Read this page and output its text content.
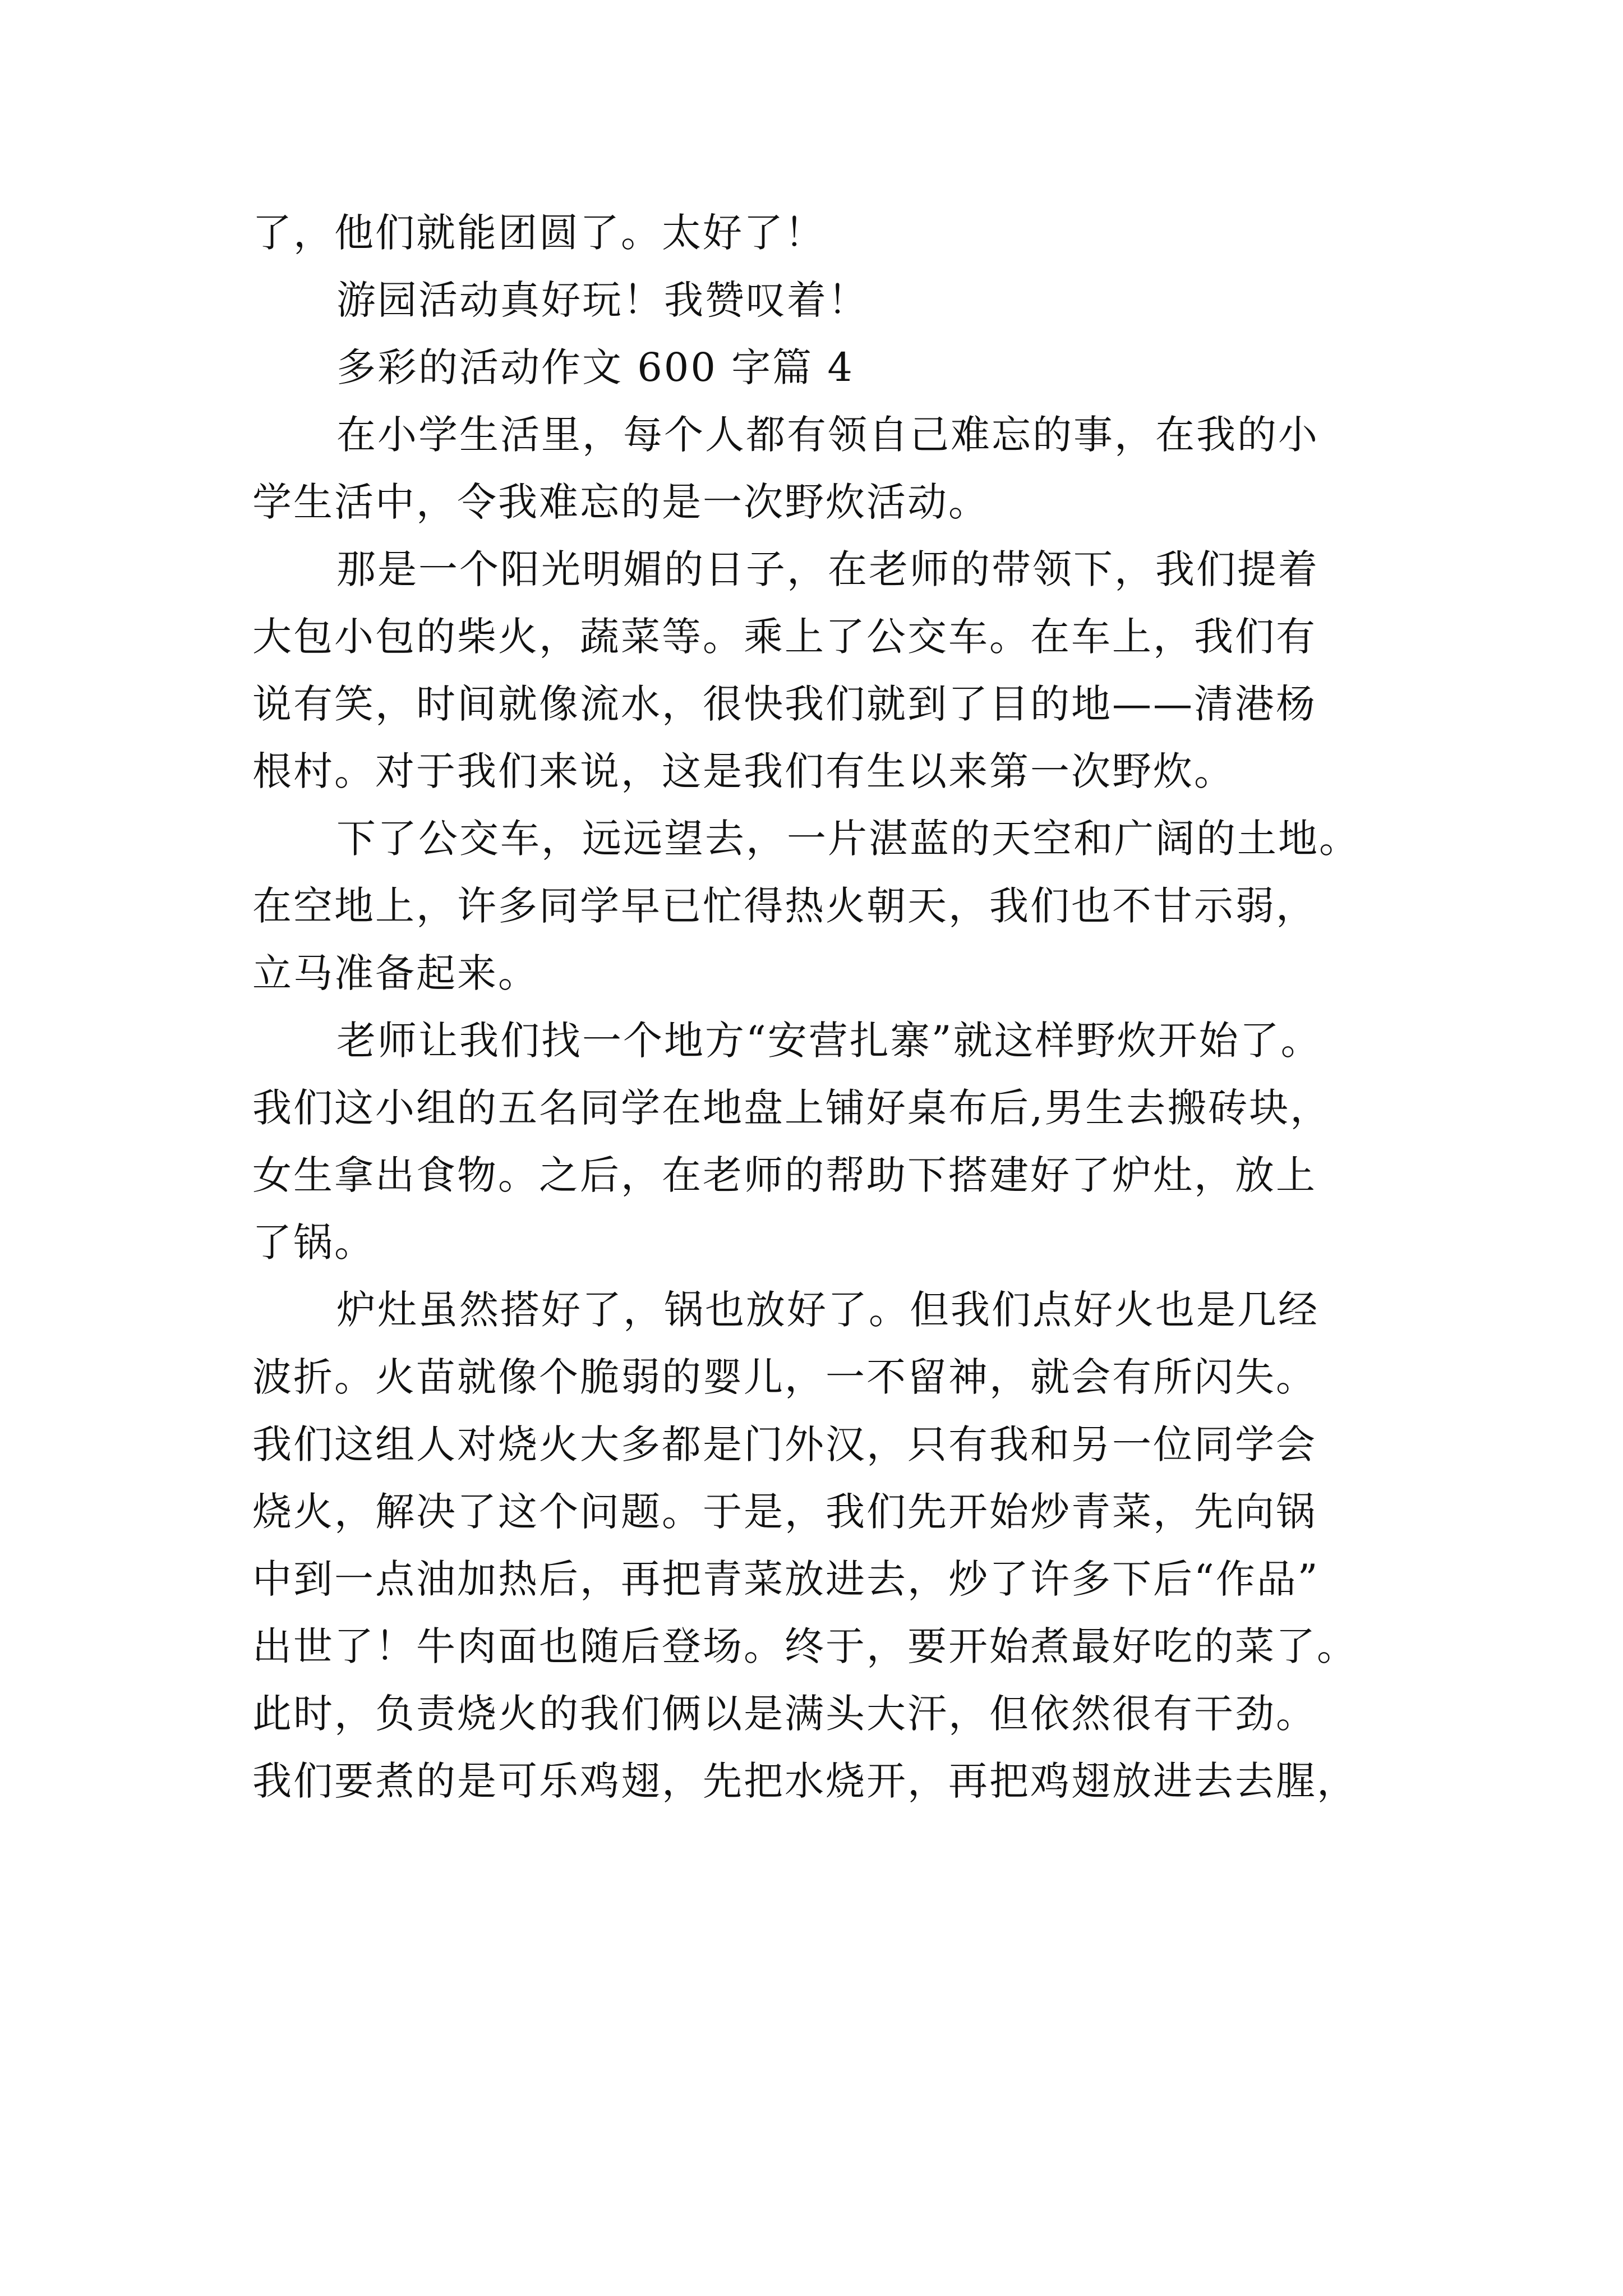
了，他们就能团圆了。太好了！
游园活动真好玩！我赞叹着！
多彩的活动作文 600 字篇 4
在小学生活里，每个人都有领自己难忘的事，在我的小
学生活中，令我难忘的是一次野炊活动。
那是一个阳光明媚的日子，在老师的带领下，我们提着
大包小包的柴火，蔬菜等。乘上了公交车。在车上，我们有
说有笑，时间就像流水，很快我们就到了目的地——清港杨
根村。对于我们来说，这是我们有生以来第一次野炊。
下了公交车，远远望去，一片湛蓝的天空和广阔的土地。
在空地上，许多同学早已忙得热火朝天，我们也不甘示弱，
立马准备起来。
老师让我们找一个地方“安营扎寨”就这样野炊开始了。
我们这小组的五名同学在地盘上铺好桌布后,男生去搬砖块，
女生拿出食物。之后，在老师的帮助下搭建好了炉灶，放上
了锅。
炉灶虽然搭好了，锅也放好了。但我们点好火也是几经
波折。火苗就像个脆弱的婴儿，一不留神，就会有所闪失。
我们这组人对烧火大多都是门外汉，只有我和另一位同学会
烧火，解决了这个问题。于是，我们先开始炒青菜，先向锅
中到一点油加热后，再把青菜放进去，炒了许多下后“作品”
出世了！牛肉面也随后登场。终于，要开始煮最好吃的菜了。
此时，负责烧火的我们俩以是满头大汗，但依然很有干劲。
我们要煮的是可乐鸡翅，先把水烧开，再把鸡翅放进去去腥，
